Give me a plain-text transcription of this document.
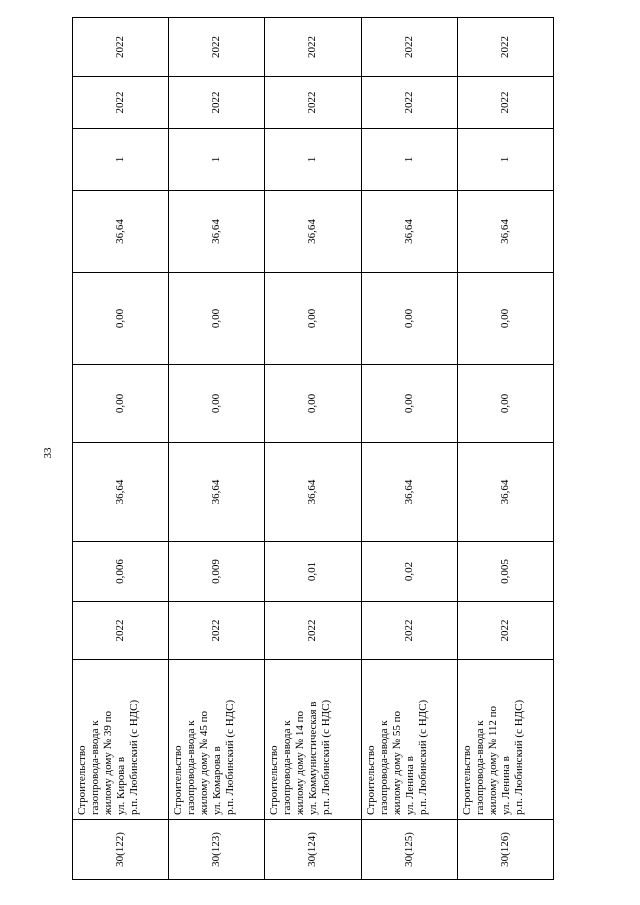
33
30(122)	Строительство
газопровода-ввода к
жилому дому № 39 по
ул. Кирова в
р.п. Любинский (с НДС)	2022	0,006	36,64	0,00	0,00	36,64	1	2022	2022
30(123)	Строительство
газопровода-ввода к
жилому дому № 45 по
ул. Комарова в
р.п. Любинский (с НДС)	2022	0,009	36,64	0,00	0,00	36,64	1	2022	2022
30(124)	Строительство
газопровода-ввода к
жилому дому № 14 по
ул. Коммунистическая в
р.п. Любинский (с НДС)	2022	0,01	36,64	0,00	0,00	36,64	1	2022	2022
30(125)	Строительство
газопровода-ввода к
жилому дому № 55 по
ул. Ленина в
р.п. Любинский (с НДС)	2022	0,02	36,64	0,00	0,00	36,64	1	2022	2022
30(126)	Строительство
газопровода-ввода к
жилому дому № 112 по
ул. Ленина в
р.п. Любинский (с НДС)	2022	0,005	36,64	0,00	0,00	36,64	1	2022	2022
